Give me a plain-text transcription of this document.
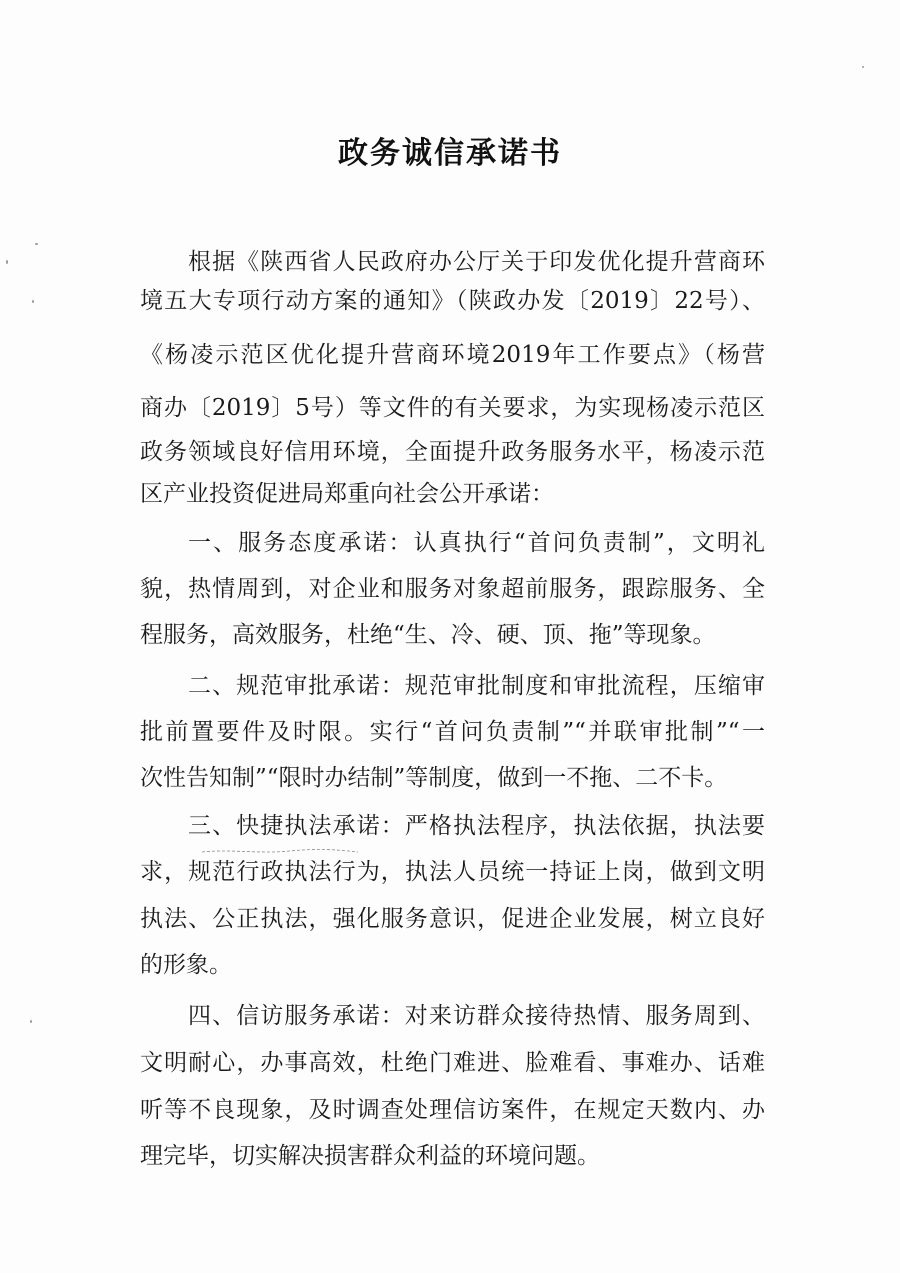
政务诚信承诺书
根据《陕西省人民政府办公厅关于印发优化提升营商环
境五大专项行动方案的通知》（陕政办发〔2019〕22号）、
《杨凌示范区优化提升营商环境2019年工作要点》（杨营
商办〔2019〕5号）等文件的有关要求，为实现杨凌示范区
政务领域良好信用环境，全面提升政务服务水平，杨凌示范
区产业投资促进局郑重向社会公开承诺：
一、服务态度承诺：认真执行“首问负责制”，文明礼
貌，热情周到，对企业和服务对象超前服务，跟踪服务、全
程服务，高效服务，杜绝“生、冷、硬、顶、拖”等现象。
二、规范审批承诺：规范审批制度和审批流程，压缩审
批前置要件及时限。实行“首问负责制”“并联审批制”“一
次性告知制”“限时办结制”等制度，做到一不拖、二不卡。
三、快捷执法承诺：严格执法程序，执法依据，执法要
求，规范行政执法行为，执法人员统一持证上岗，做到文明
执法、公正执法，强化服务意识，促进企业发展，树立良好
的形象。
四、信访服务承诺：对来访群众接待热情、服务周到、
文明耐心，办事高效，杜绝门难进、脸难看、事难办、话难
听等不良现象，及时调查处理信访案件，在规定天数内、办
理完毕，切实解决损害群众利益的环境问题。
